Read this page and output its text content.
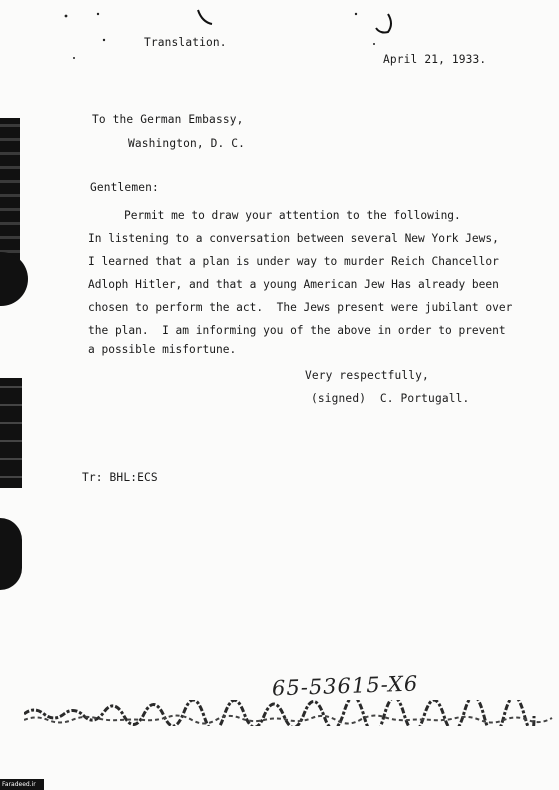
Translation.
April 21, 1933.
To the German Embassy,
Washington, D. C.
Gentlemen:
Permit me to draw your attention to the following.
In listening to a conversation between several New York Jews,
I learned that a plan is under way to murder Reich Chancellor
Adloph Hitler, and that a young American Jew Has already been
chosen to perform the act.  The Jews present were jubilant over
the plan.  I am informing you of the above in order to prevent
a possible misfortune.
Very respectfully,
(signed)  C. Portugall.
Tr: BHL:ECS
65-53615-X6
Faradeed.ir
